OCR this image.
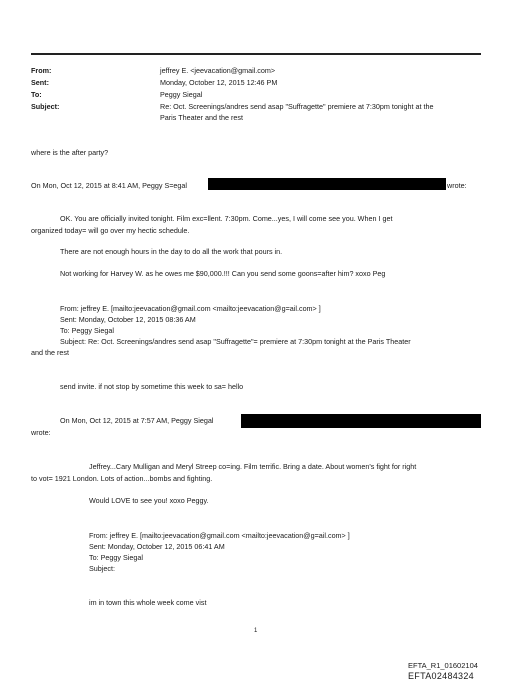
From:
Sent:
To:
Subject:
jeffrey E. <jeevacation@gmail.com>
Monday, October 12, 2015 12:46 PM
Peggy Siegal
Re: Oct. Screenings/andres send asap "Suffragette" premiere at 7:30pm tonight at the
Paris Theater and the rest
where is the after party?
On Mon, Oct 12, 2015 at 8:41 AM, Peggy S=egal	wrote:
OK. You are officially invited tonight. Film exc=llent. 7:30pm. Come...yes, I will come see you. When I get
organized today= will go over my hectic schedule.
There are not enough hours in the day to do all the work that pours in.
Not working for Harvey W. as he owes me $90,000.!!! Can you send some goons=after him? xoxo Peg
From: jeffrey E. [mailto:jeevacation@gmail.com <mailto:jeevacation@g=ail.com> ]
Sent: Monday, October 12, 2015 08:36 AM
To: Peggy Siegal
Subject: Re: Oct. Screenings/andres send asap "Suffragette"= premiere at 7:30pm tonight at the Paris Theater
and the rest
send invite. if not stop by sometime this week to sa= hello
On Mon, Oct 12, 2015 at 7:57 AM, Peggy Siegal
wrote:
Jeffrey...Cary Mulligan and Meryl Streep co=ing. Film terrific. Bring a date. About women's fight for right
to vot= 1921 London. Lots of action...bombs and fighting.
Would LOVE to see you! xoxo Peggy.
From: jeffrey E. [mailto:jeevacation@gmail.com <mailto:jeevacation@g=ail.com> ]
Sent: Monday, October 12, 2015 06:41 AM
To: Peggy Siegal
Subject:
im in town this whole week come vist
1
EFTA_R1_01602104
EFTA02484324
